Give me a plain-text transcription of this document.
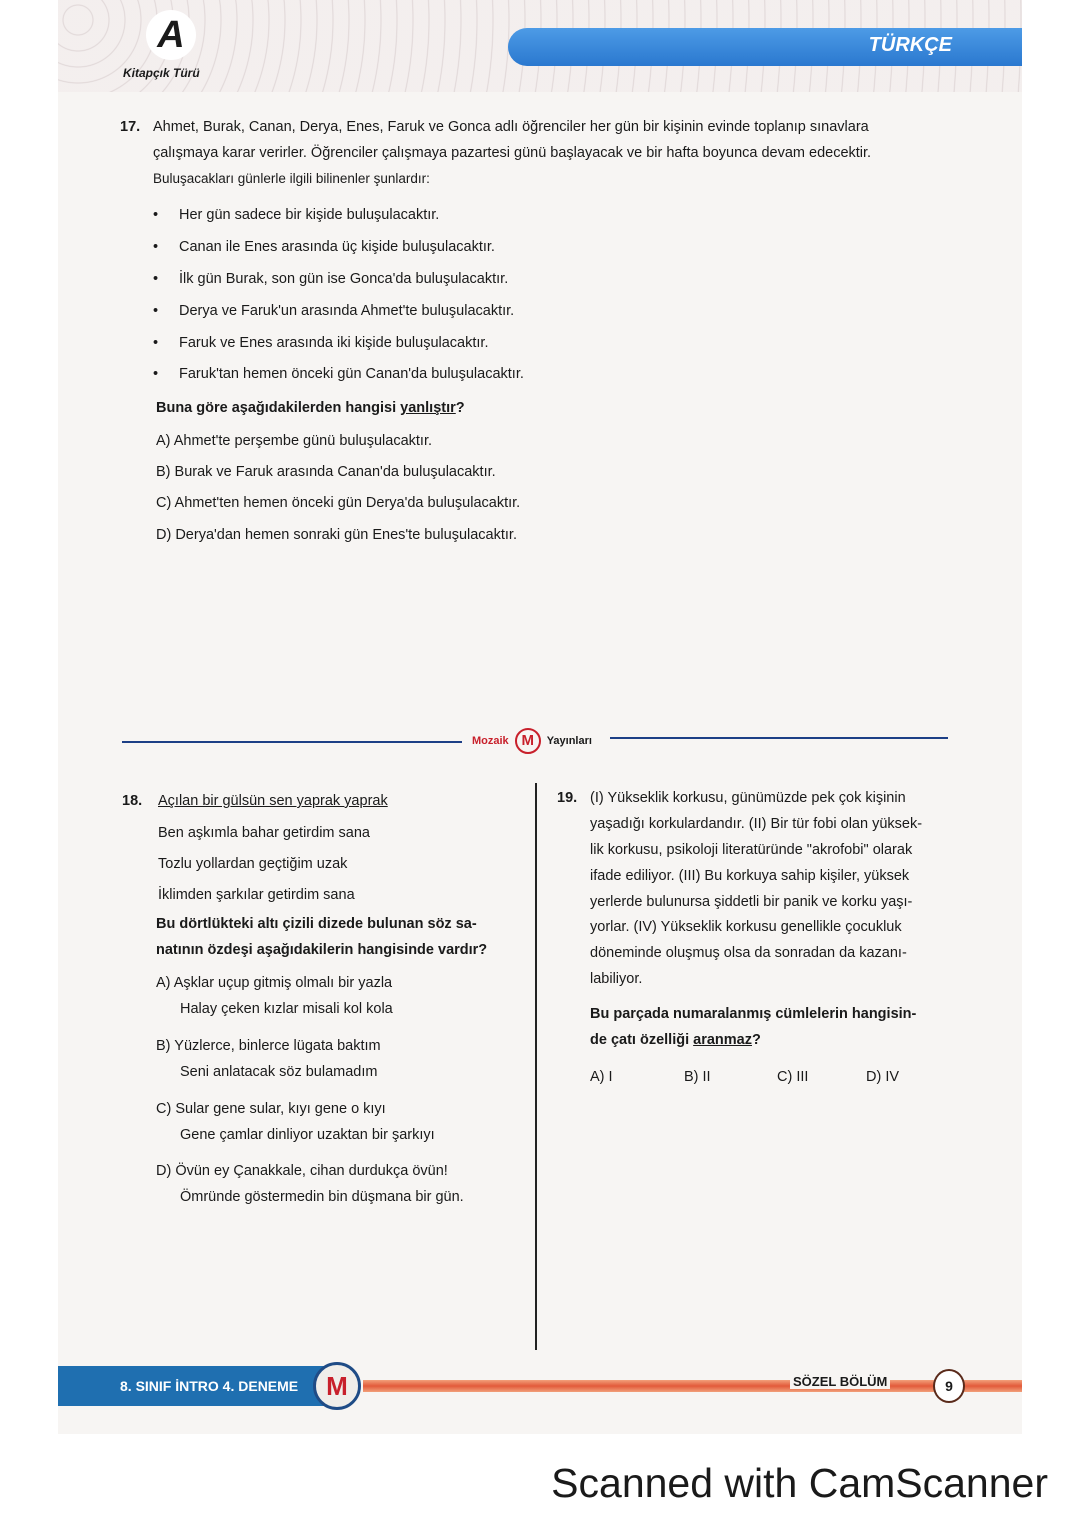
A
Kitapçık Türü
TÜRKÇE
17. Ahmet, Burak, Canan, Derya, Enes, Faruk ve Gonca adlı öğrenciler her gün bir kişinin evinde toplanıp sınavlara
çalışmaya karar verirler. Öğrenciler çalışmaya pazartesi günü başlayacak ve bir hafta boyunca devam edecektir.
Buluşacakları günlerle ilgili bilinenler şunlardır:
• Her gün sadece bir kişide buluşulacaktır.
• Canan ile Enes arasında üç kişide buluşulacaktır.
• İlk gün Burak, son gün ise Gonca'da buluşulacaktır.
• Derya ve Faruk'un arasında Ahmet'te buluşulacaktır.
• Faruk ve Enes arasında iki kişide buluşulacaktır.
• Faruk'tan hemen önceki gün Canan'da buluşulacaktır.
Buna göre aşağıdakilerden hangisi yanlıştır?
A) Ahmet'te perşembe günü buluşulacaktır.
B) Burak ve Faruk arasında Canan'da buluşulacaktır.
C) Ahmet'ten hemen önceki gün Derya'da buluşulacaktır.
D) Derya'dan hemen sonraki gün Enes'te buluşulacaktır.
Mozaik M	Yayınları
18. Açılan bir gülsün sen yaprak yaprak
Ben aşkımla bahar getirdim sana
Tozlu yollardan geçtiğim uzak
İklimden şarkılar getirdim sana
Bu dörtlükteki altı çizili dizede bulunan söz sa-
natının özdeşi aşağıdakilerin hangisinde vardır?
A) Aşklar uçup gitmiş olmalı bir yazla
Halay çeken kızlar misali kol kola
B) Yüzlerce, binlerce lügata baktım
Seni anlatacak söz bulamadım
C) Sular gene sular, kıyı gene o kıyı
Gene çamlar dinliyor uzaktan bir şarkıyı
D) Övün ey Çanakkale, cihan durdukça övün!
Ömründe göstermedin bin düşmana bir gün.
19. (I) Yükseklik korkusu, günümüzde pek çok kişinin
yaşadığı korkulardandır. (II) Bir tür fobi olan yüksek-
lik korkusu, psikoloji literatüründe "akrofobi" olarak
ifade ediliyor. (III) Bu korkuya sahip kişiler, yüksek
yerlerde bulunursa şiddetli bir panik ve korku yaşı-
yorlar. (IV) Yükseklik korkusu genellikle çocukluk
döneminde oluşmuş olsa da sonradan da kazanı-
labiliyor.
Bu parçada numaralanmış cümlelerin hangisin-
de çatı özelliği aranmaz?
A) I	B) II	C) III	D) IV
8. SINIF İNTRO 4. DENEME	M	SÖZEL BÖLÜM	9
Scanned with CamScanner
